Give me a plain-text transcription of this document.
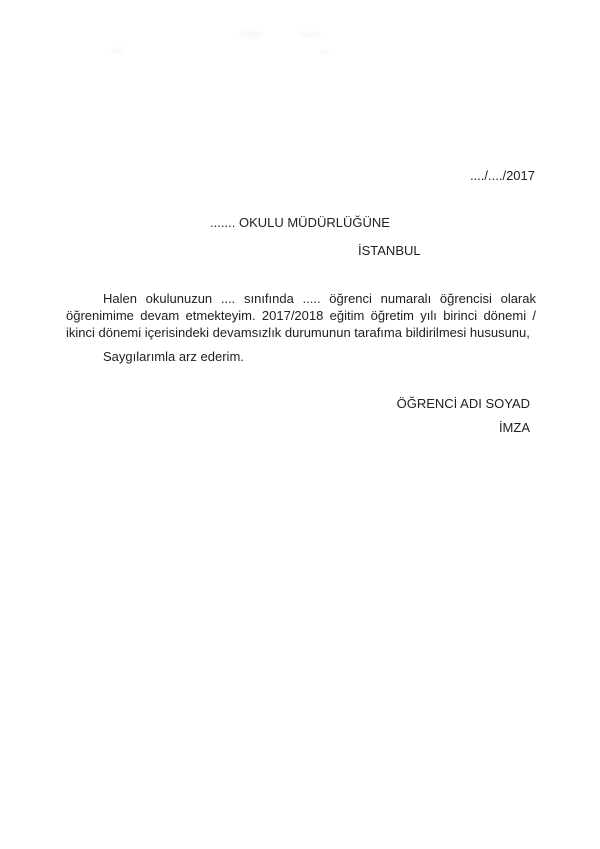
..../..../2017
....... OKULU MÜDÜRLÜĞÜNE
İSTANBUL
Halen okulunuzun .... sınıfında ..... öğrenci numaralı öğrencisi olarak öğrenimime devam etmekteyim. 2017/2018 eğitim öğretim yılı birinci dönemi / ikinci dönemi içerisindeki devamsızlık durumunun tarafıma bildirilmesi hususunu,
Saygılarımla arz ederim.
ÖĞRENCİ ADI SOYAD
İMZA
